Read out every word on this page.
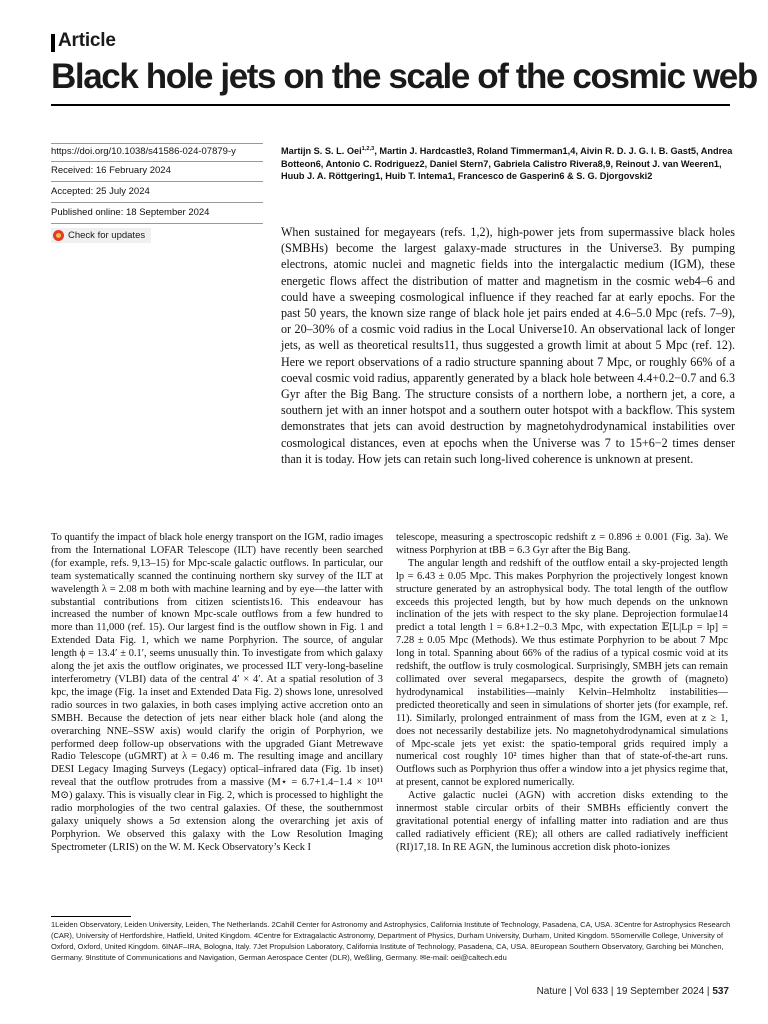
Article
Black hole jets on the scale of the cosmic web
https://doi.org/10.1038/s41586-024-07879-y
Received: 16 February 2024
Accepted: 25 July 2024
Published online: 18 September 2024
Check for updates
Martijn S. S. L. Oei$^{1,2,3}$, Martin J. Hardcastle3, Roland Timmerman1,4, Aivin R. D. J. G. I. B. Gast5, Andrea Botteon6, Antonio C. Rodriguez2, Daniel Stern7, Gabriela Calistro Rivera8,9, Reinout J. van Weeren1, Huub J. A. Röttgering1, Huib T. Intema1, Francesco de Gasperin6 & S. G. Djorgovski2

When sustained for megayears (refs. 1,2), high-power jets from supermassive black holes (SMBHs) become the largest galaxy-made structures in the Universe3. By pumping electrons, atomic nuclei and magnetic fields into the intergalactic medium (IGM), these energetic flows affect the distribution of matter and magnetism in the cosmic web4–6 and could have a sweeping cosmological influence if they reached far at early epochs. For the past 50 years, the known size range of black hole jet pairs ended at 4.6–5.0 Mpc (refs. 7–9), or 20–30% of a cosmic void radius in the Local Universe10. An observational lack of longer jets, as well as theoretical results11, thus suggested a growth limit at about 5 Mpc (ref. 12). Here we report observations of a radio structure spanning about 7 Mpc, or roughly 66% of a coeval cosmic void radius, apparently generated by a black hole between 4.4+0.2−0.7 and 6.3 Gyr after the Big Bang. The structure consists of a northern lobe, a northern jet, a core, a southern jet with an inner hotspot and a southern outer hotspot with a backflow. This system demonstrates that jets can avoid destruction by magnetohydrodynamical instabilities over cosmological distances, even at epochs when the Universe was 7 to 15+6−2 times denser than it is today. How jets can retain such long-lived coherence is unknown at present.

To quantify the impact of black hole energy transport on the IGM, radio images from the International LOFAR Telescope (ILT) have recently been searched (for example, refs. 9,13–15) for Mpc-scale galactic outflows. In particular, our team systematically scanned the continuing northern sky survey of the ILT at wavelength λ = 2.08 m both with machine learning and by eye—the latter with substantial contributions from citizen scientists16. This endeavour has increased the number of known Mpc-scale outflows from a few hundred to more than 11,000 (ref. 15). Our largest find is the outflow shown in Fig. 1 and Extended Data Fig. 1, which we name Porphyrion. The source, of angular length ϕ = 13.4′ ± 0.1′, seems unusually thin. To investigate from which galaxy along the jet axis the outflow originates, we processed ILT very-long-baseline interferometry (VLBI) data of the central 4′ × 4′. At a spatial resolution of 3 kpc, the image (Fig. 1a inset and Extended Data Fig. 2) shows lone, unresolved radio sources in two galaxies, in both cases implying active accretion onto an SMBH. Because the detection of jets near either black hole (and along the overarching NNE–SSW axis) would clarify the origin of Porphyrion, we performed deep follow-up observations with the upgraded Giant Metrewave Radio Telescope (uGMRT) at λ = 0.46 m. The resulting image and ancillary DESI Legacy Imaging Surveys (Legacy) optical–infrared data (Fig. 1b inset) reveal that the outflow protrudes from a massive (M⋆ = 6.7+1.4−1.4 × 10¹¹ M⊙) galaxy. This is visually clear in Fig. 2, which is processed to highlight the radio morphologies of the two central galaxies. Of these, the southernmost galaxy uniquely shows a 5σ extension along the overarching jet axis of Porphyrion. We observed this galaxy with the Low Resolution Imaging Spectrometer (LRIS) on the W. M. Keck Observatory’s Keck I

telescope, measuring a spectroscopic redshift z = 0.896 ± 0.001 (Fig. 3a). We witness Porphyrion at tBB = 6.3 Gyr after the Big Bang.

The angular length and redshift of the outflow entail a sky-projected length lp = 6.43 ± 0.05 Mpc. This makes Porphyrion the projectively longest known structure generated by an astrophysical body. The total length of the outflow exceeds this projected length, but by how much depends on the unknown inclination of the jets with respect to the sky plane. Deprojection formulae14 predict a total length l = 6.8+1.2−0.3 Mpc, with expectation 𝔼[L|Lp = lp] = 7.28 ± 0.05 Mpc (Methods). We thus estimate Porphyrion to be about 7 Mpc long in total. Spanning about 66% of the radius of a typical cosmic void at its redshift, the outflow is truly cosmological. Surprisingly, SMBH jets can remain collimated over several megaparsecs, despite the growth of (magneto) hydrodynamical instabilities—mainly Kelvin–Helmholtz instabilities—predicted theoretically and seen in simulations of shorter jets (for example, ref. 11). Similarly, prolonged entrainment of mass from the IGM, even at z ≥ 1, does not necessarily destabilize jets. No magnetohydrodynamical simulations of Mpc-scale jets yet exist: the spatio-temporal grids required imply a numerical cost roughly 10² times higher than that of state-of-the-art runs. Outflows such as Porphyrion thus offer a window into a jet physics regime that, at present, cannot be explored numerically.

Active galactic nuclei (AGN) with accretion disks extending to the innermost stable circular orbits of their SMBHs efficiently convert the gravitational potential energy of infalling matter into radiation and are thus called radiatively efficient (RE); all others are called radiatively inefficient (RI)17,18. In RE AGN, the luminous accretion disk photo-ionizes

1Leiden Observatory, Leiden University, Leiden, The Netherlands. 2Cahill Center for Astronomy and Astrophysics, California Institute of Technology, Pasadena, CA, USA. 3Centre for Astrophysics Research (CAR), University of Hertfordshire, Hatfield, United Kingdom. 4Centre for Extragalactic Astronomy, Department of Physics, Durham University, Durham, United Kingdom. 5Somerville College, University of Oxford, Oxford, United Kingdom. 6INAF–IRA, Bologna, Italy. 7Jet Propulsion Laboratory, California Institute of Technology, Pasadena, CA, USA. 8European Southern Observatory, Garching bei München, Germany. 9Institute of Communications and Navigation, German Aerospace Center (DLR), Weßling, Germany. ✉e-mail: oei@caltech.edu
Nature | Vol 633 | 19 September 2024 | 537
